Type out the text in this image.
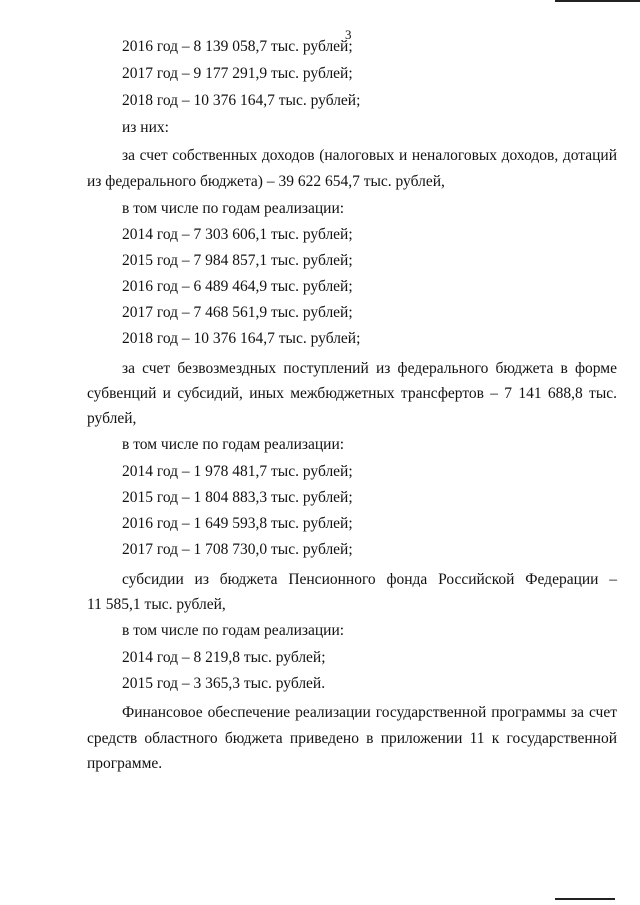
3
2016 год – 8 139 058,7 тыс. рублей;
2017 год – 9 177 291,9 тыс. рублей;
2018 год – 10 376 164,7 тыс. рублей;
из них:
за счет собственных доходов (налоговых и неналоговых доходов, дотаций
из федерального бюджета) – 39 622 654,7 тыс. рублей,
в том числе по годам реализации:
2014 год – 7 303 606,1 тыс. рублей;
2015 год – 7 984 857,1 тыс. рублей;
2016 год – 6 489 464,9 тыс. рублей;
2017 год – 7 468 561,9 тыс. рублей;
2018 год – 10 376 164,7 тыс. рублей;
за счет безвозмездных поступлений из федерального бюджета в форме
субвенций и субсидий, иных межбюджетных трансфертов – 7 141 688,8 тыс.
рублей,
в том числе по годам реализации:
2014 год – 1 978 481,7 тыс. рублей;
2015 год – 1 804 883,3 тыс. рублей;
2016 год – 1 649 593,8 тыс. рублей;
2017 год – 1 708 730,0 тыс. рублей;
субсидии из бюджета Пенсионного фонда Российской Федерации –
11 585,1 тыс. рублей,
в том числе по годам реализации:
2014 год – 8 219,8 тыс. рублей;
2015 год – 3 365,3 тыс. рублей.
Финансовое обеспечение реализации государственной программы за счет
средств областного бюджета приведено в приложении 11 к государственной
программе.
